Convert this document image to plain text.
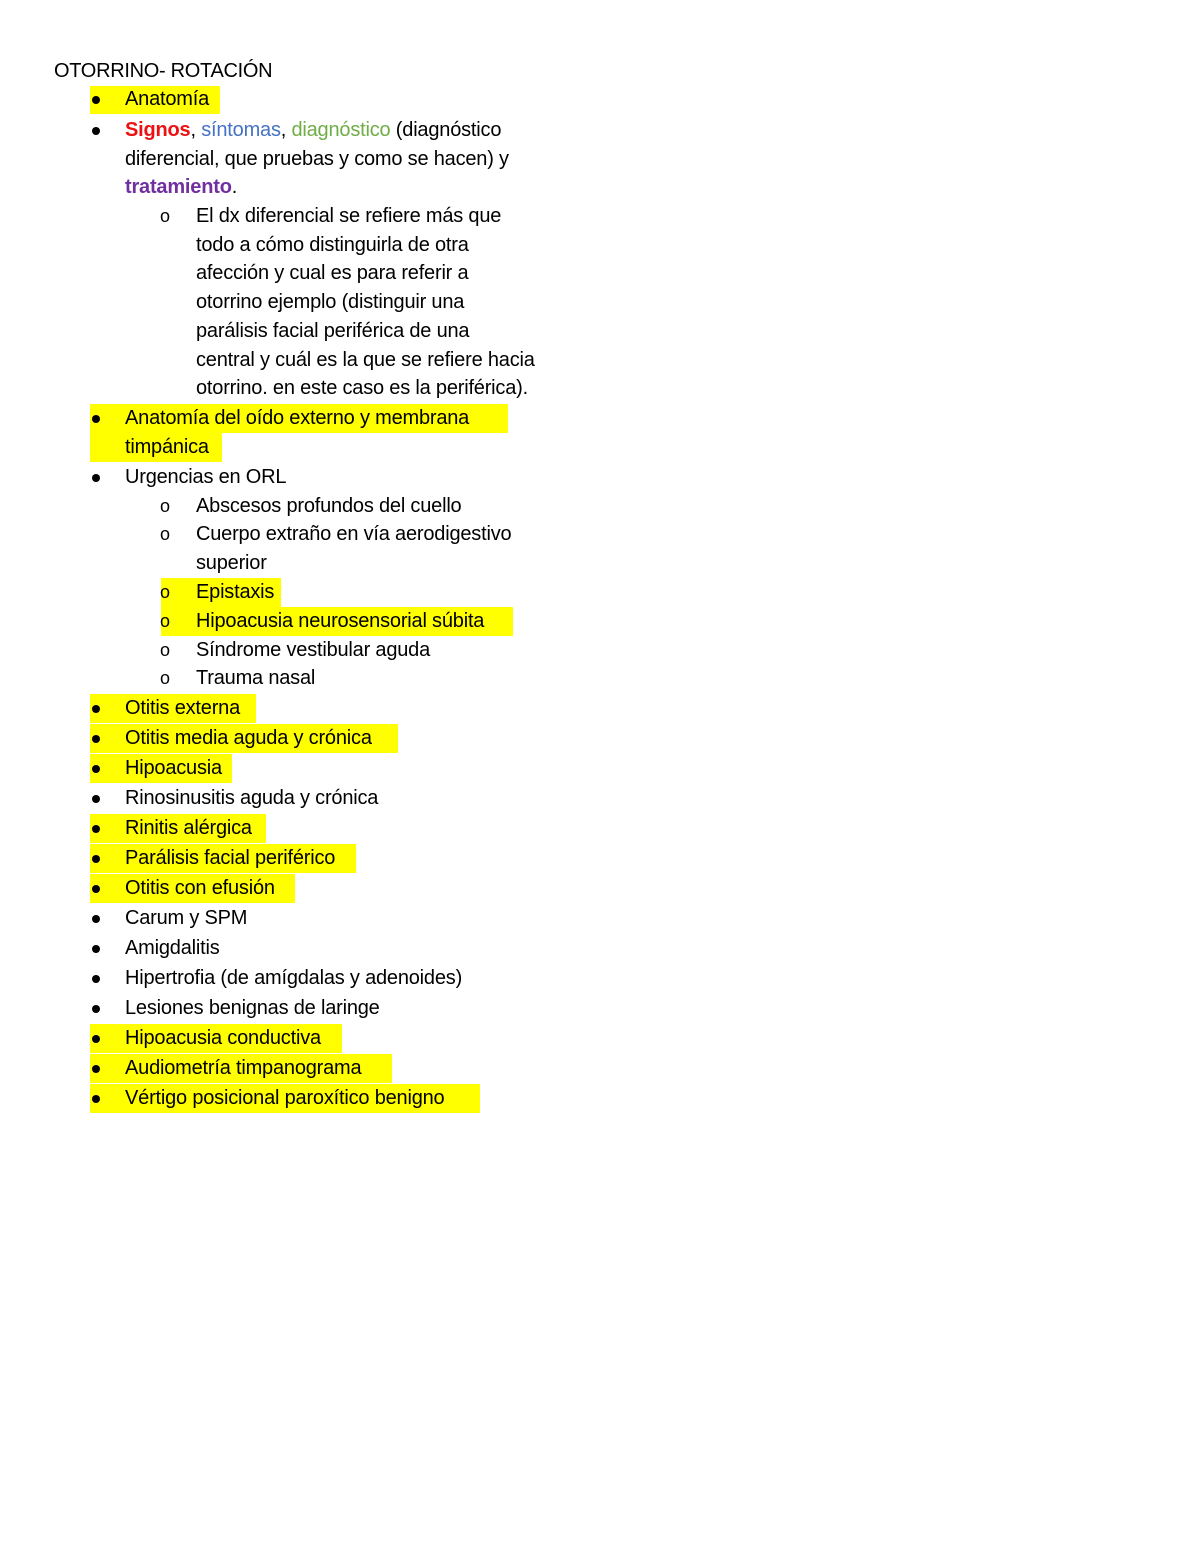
OTORRINO- ROTACIÓN
Anatomía
Signos, síntomas, diagnóstico (diagnóstico
diferencial, que pruebas y como se hacen) y
tratamiento.
o El dx diferencial se refiere más que
todo a cómo distinguirla de otra
afección y cual es para referir a
otorrino ejemplo (distinguir una
parálisis facial periférica de una
central y cuál es la que se refiere hacia
otorrino. en este caso es la periférica).
Anatomía del oído externo y membrana
timpánica
Urgencias en ORL
o Abscesos profundos del cuello
o Cuerpo extraño en vía aerodigestivo
superior
o Epistaxis
o Hipoacusia neurosensorial súbita
o Síndrome vestibular aguda
o Trauma nasal
Otitis externa
Otitis media aguda y crónica
Hipoacusia
Rinosinusitis aguda y crónica
Rinitis alérgica
Parálisis facial periférico
Otitis con efusión
Carum y SPM
Amigdalitis
Hipertrofia (de amígdalas y adenoides)
Lesiones benignas de laringe
Hipoacusia conductiva
Audiometría timpanograma
Vértigo posicional paroxítico benigno
